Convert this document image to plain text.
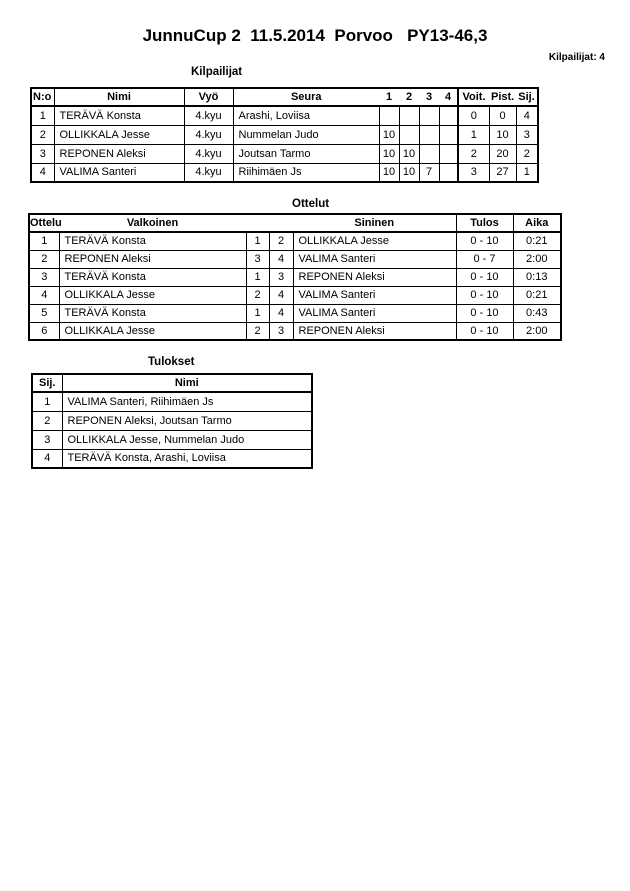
JunnuCup 2  11.5.2014  Porvoo   PY13-46,3
Kilpailijat: 4
Kilpailijat
N:o	Nimi	Vyö	Seura	1	2	3	4	Voit.	Pist.	Sij.
1	TERÄVÄ Konsta	4.kyu	Arashi, Loviisa					0	0	4
2	OLLIKKALA Jesse	4.kyu	Nummelan Judo	10				1	10	3
3	REPONEN Aleksi	4.kyu	Joutsan Tarmo	10	10			2	20	2
4	VALIMA Santeri	4.kyu	Riihimäen Js	10	10	7		3	27	1
Ottelut
Ottelu	Valkoinen			Sininen	Tulos	Aika
1	TERÄVÄ Konsta	1	2	OLLIKKALA Jesse	0 - 10	0:21
2	REPONEN Aleksi	3	4	VALIMA Santeri	0 - 7	2:00
3	TERÄVÄ Konsta	1	3	REPONEN Aleksi	0 - 10	0:13
4	OLLIKKALA Jesse	2	4	VALIMA Santeri	0 - 10	0:21
5	TERÄVÄ Konsta	1	4	VALIMA Santeri	0 - 10	0:43
6	OLLIKKALA Jesse	2	3	REPONEN Aleksi	0 - 10	2:00
Tulokset
Sij.	Nimi
1	VALIMA Santeri, Riihimäen Js
2	REPONEN Aleksi, Joutsan Tarmo
3	OLLIKKALA Jesse, Nummelan Judo
4	TERÄVÄ Konsta, Arashi, Loviisa
